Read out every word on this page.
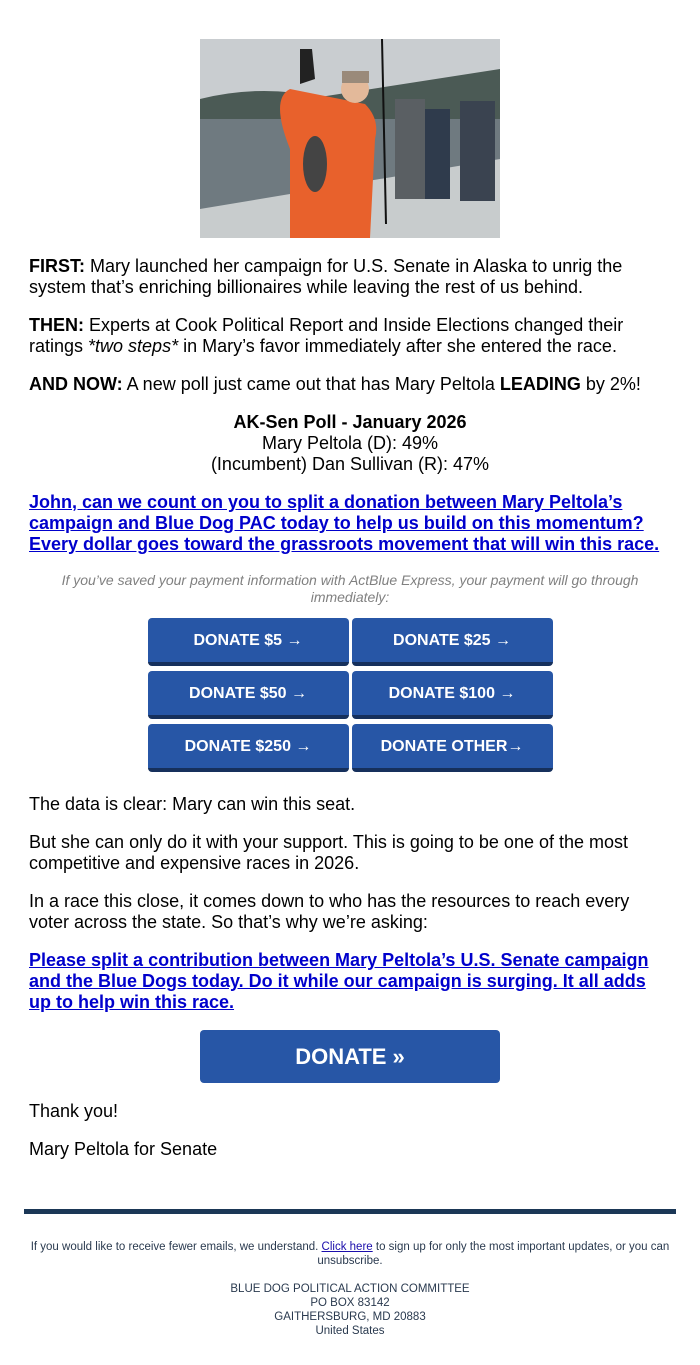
FIRST: Mary launched her campaign for U.S. Senate in Alaska to unrig the system that’s enriching billionaires while leaving the rest of us behind.

THEN: Experts at Cook Political Report and Inside Elections changed their ratings *two steps* in Mary’s favor immediately after she entered the race.

AND NOW: A new poll just came out that has Mary Peltola LEADING by 2%!

AK-Sen Poll - January 2026
Mary Peltola (D): 49%
(Incumbent) Dan Sullivan (R): 47%

John, can we count on you to split a donation between Mary Peltola’s campaign and Blue Dog PAC today to help us build on this momentum? Every dollar goes toward the grassroots movement that will win this race.

If you’ve saved your payment information with ActBlue Express, your payment will go through immediately:
DONATE $5 →	DONATE $25 →
DONATE $50 →	DONATE $100 →
DONATE $250 →	DONATE OTHER→

The data is clear: Mary can win this seat.

But she can only do it with your support. This is going to be one of the most competitive and expensive races in 2026.

In a race this close, it comes down to who has the resources to reach every voter across the state. So that’s why we’re asking:

Please split a contribution between Mary Peltola’s U.S. Senate campaign and the Blue Dogs today. Do it while our campaign is surging. It all adds up to help win this race.

DONATE »

Thank you!

Mary Peltola for Senate

If you would like to receive fewer emails, we understand. Click here to sign up for only the most important updates, or you can unsubscribe.
BLUE DOG POLITICAL ACTION COMMITTEE
PO BOX 83142
GAITHERSBURG, MD 20883
United States
